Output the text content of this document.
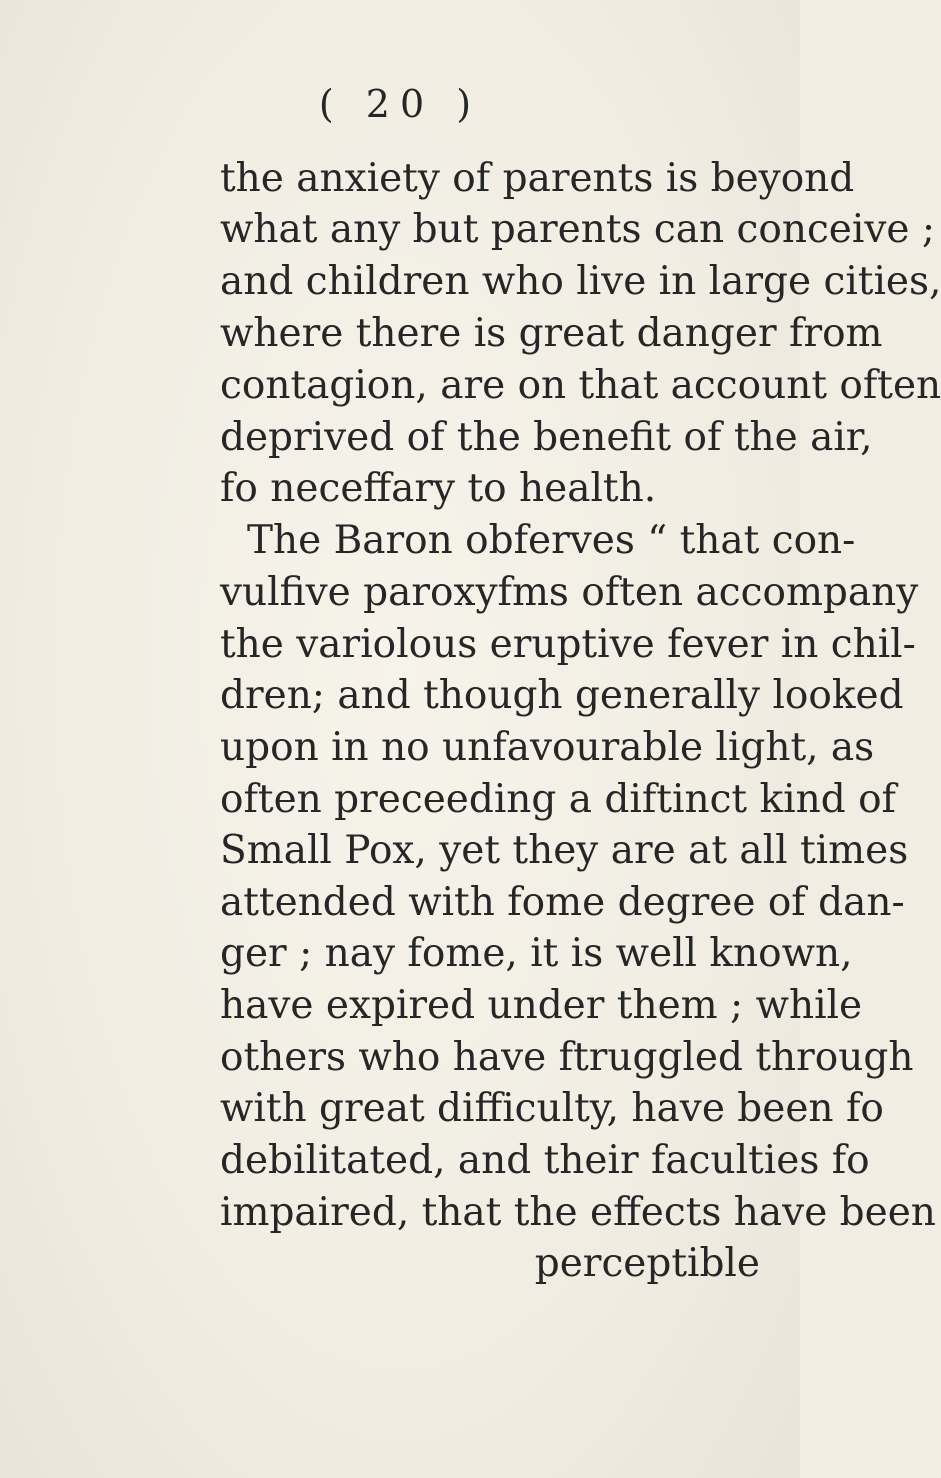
( 20 )
the anxiety of parents is beyond
what any but parents can conceive ;
and children who live in large cities,
where there is great danger from
contagion, are on that account often
deprived of the benefit of the air,
fo neceffary to health.
The Baron obferves “ that con-
vulfive paroxyfms often accompany
the variolous eruptive fever in chil-
dren; and though generally looked
upon in no unfavourable light, as
often preceeding a diftinct kind of
Small Pox, yet they are at all times
attended with fome degree of dan-
ger ; nay fome, it is well known,
have expired under them ; while
others who have ftruggled through
with great difficulty, have been fo
debilitated, and their faculties fo
impaired, that the effects have been
perceptible
